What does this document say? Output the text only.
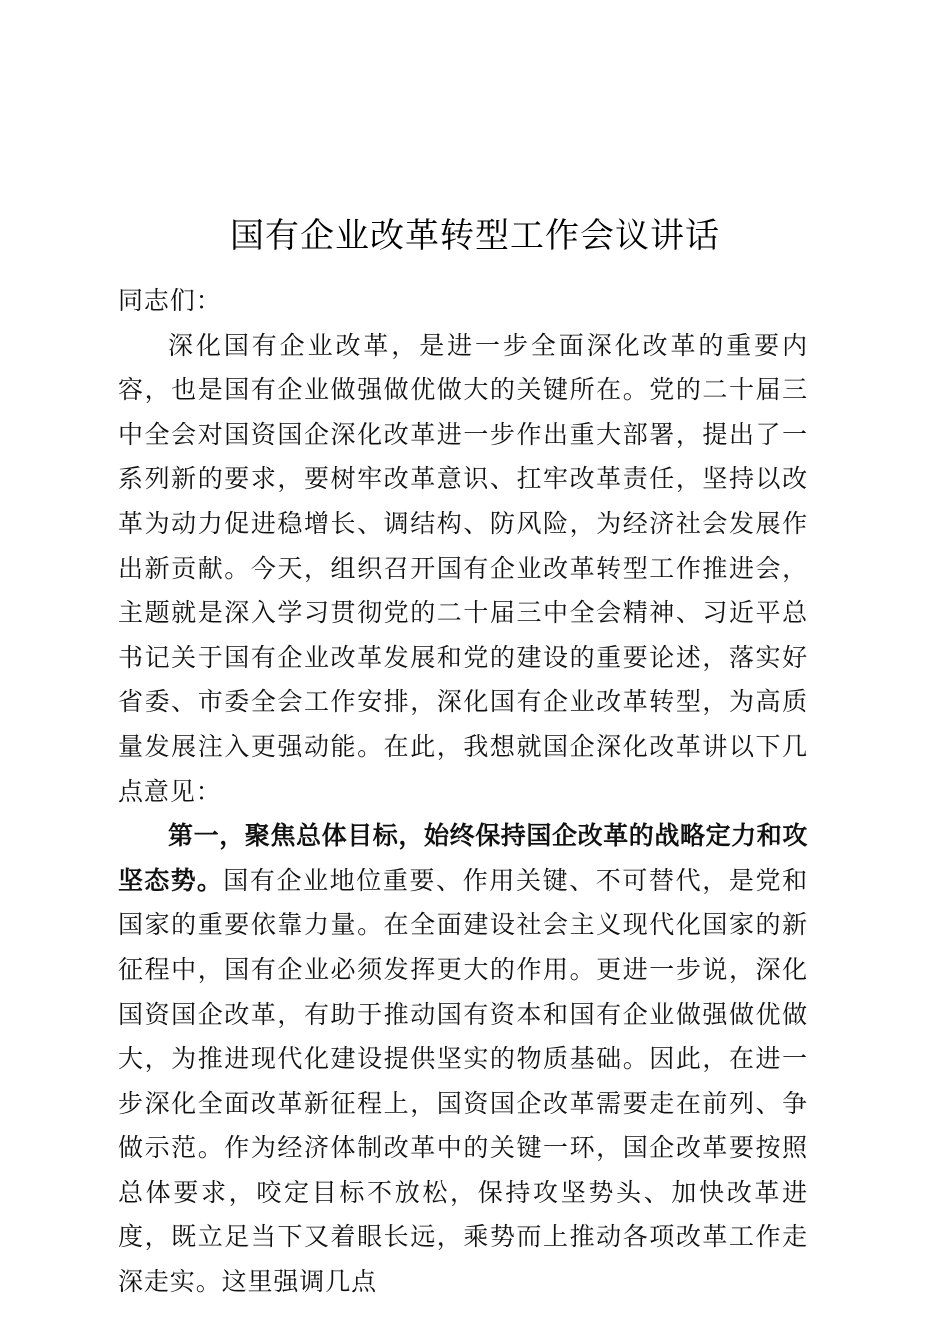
国有企业改革转型工作会议讲话

同志们：

深化国有企业改革，是进一步全面深化改革的重要内容，也是国有企业做强做优做大的关键所在。党的二十届三中全会对国资国企深化改革进一步作出重大部署，提出了一系列新的要求，要树牢改革意识、扛牢改革责任，坚持以改革为动力促进稳增长、调结构、防风险，为经济社会发展作出新贡献。今天，组织召开国有企业改革转型工作推进会，主题就是深入学习贯彻党的二十届三中全会精神、习近平总书记关于国有企业改革发展和党的建设的重要论述，落实好省委、市委全会工作安排，深化国有企业改革转型，为高质量发展注入更强动能。在此，我想就国企深化改革讲以下几点意见：

第一，聚焦总体目标，始终保持国企改革的战略定力和攻坚态势。国有企业地位重要、作用关键、不可替代，是党和国家的重要依靠力量。在全面建设社会主义现代化国家的新征程中，国有企业必须发挥更大的作用。更进一步说，深化国资国企改革，有助于推动国有资本和国有企业做强做优做大，为推进现代化建设提供坚实的物质基础。因此，在进一步深化全面改革新征程上，国资国企改革需要走在前列、争做示范。作为经济体制改革中的关键一环，国企改革要按照总体要求，咬定目标不放松，保持攻坚势头、加快改革进度，既立足当下又着眼长远，乘势而上推动各项改革工作走深走实。这里强调几点
